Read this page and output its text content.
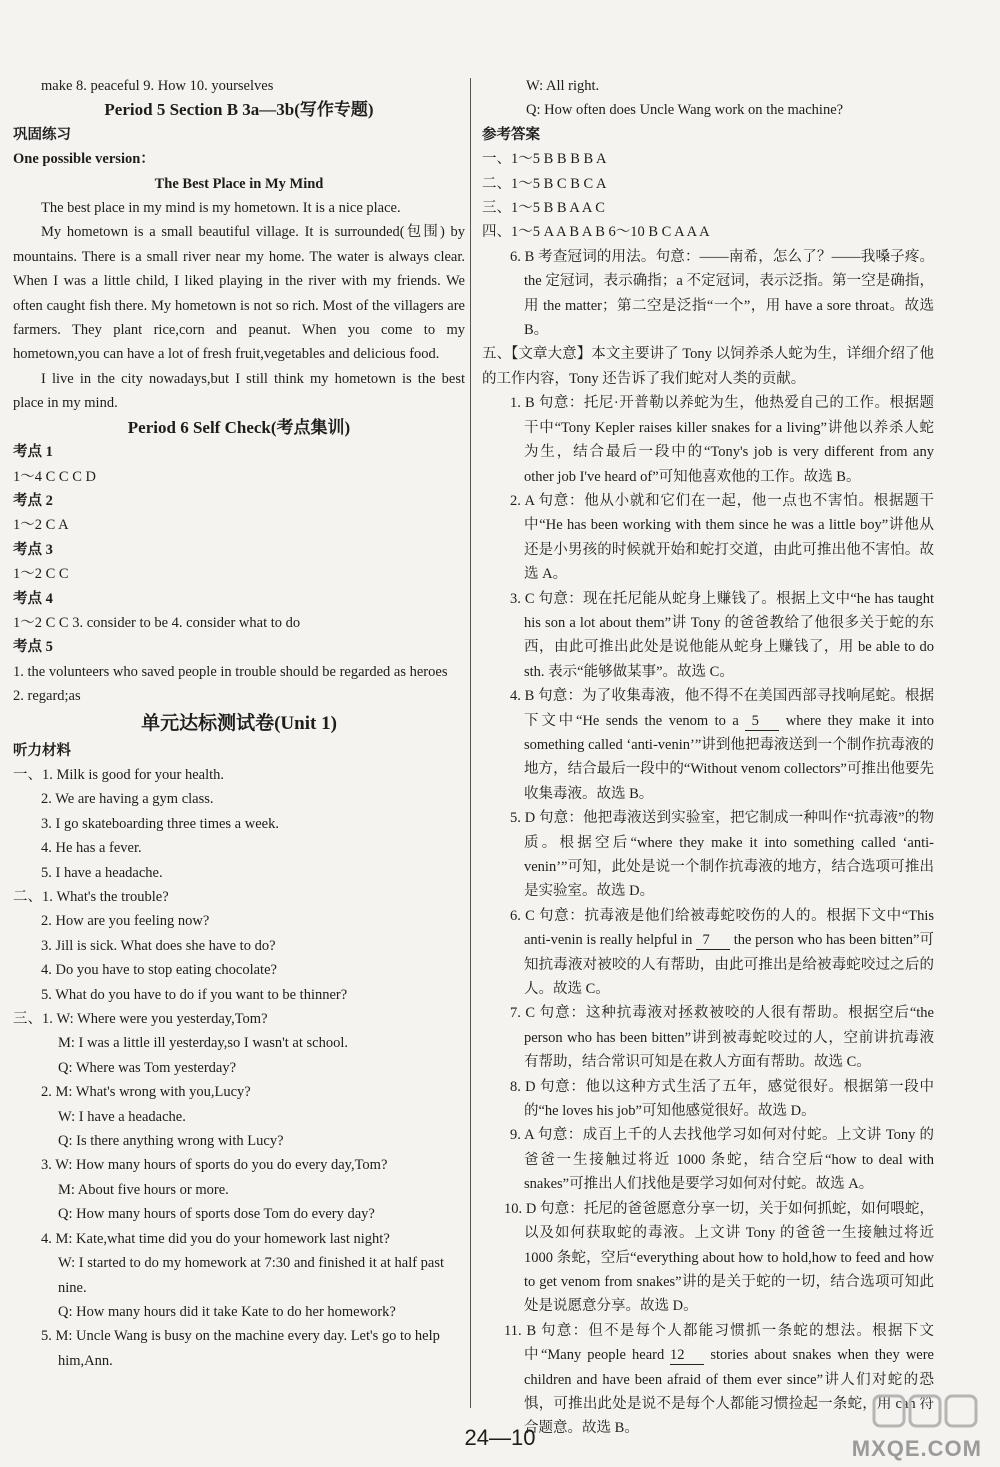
make 8. peaceful 9. How 10. yourselves
Period 5 Section B 3a—3b(写作专题)
巩固练习
One possible version：
The Best Place in My Mind
The best place in my mind is my hometown. It is a nice place.
My hometown is a small beautiful village. It is surrounded(包围) by mountains. There is a small river near my home. The water is always clear. When I was a little child, I liked playing in the river with my friends. We often caught fish there. My hometown is not so rich. Most of the villagers are farmers. They plant rice,corn and peanut. When you come to my hometown,you can have a lot of fresh fruit,vegetables and delicious food.
I live in the city nowadays,but I still think my hometown is the best place in my mind.
Period 6 Self Check(考点集训)
考点 1
1～4 C C C D
考点 2
1～2 C A
考点 3
1～2 C C
考点 4
1～2 C C 3. consider to be 4. consider what to do
考点 5
1. the volunteers who saved people in trouble should be regarded as heroes
2. regard;as
单元达标测试卷(Unit 1)
听力材料
一、1. Milk is good for your health.
2. We are having a gym class.
3. I go skateboarding three times a week.
4. He has a fever.
5. I have a headache.
二、1. What's the trouble?
2. How are you feeling now?
3. Jill is sick. What does she have to do?
4. Do you have to stop eating chocolate?
5. What do you have to do if you want to be thinner?
三、1. W: Where were you yesterday,Tom?
M: I was a little ill yesterday,so I wasn't at school.
Q: Where was Tom yesterday?
2. M: What's wrong with you,Lucy?
W: I have a headache.
Q: Is there anything wrong with Lucy?
3. W: How many hours of sports do you do every day,Tom?
M: About five hours or more.
Q: How many hours of sports dose Tom do every day?
4. M: Kate,what time did you do your homework last night?
W: I started to do my homework at 7:30 and finished it at half past
nine.
Q: How many hours did it take Kate to do her homework?
5. M: Uncle Wang is busy on the machine every day. Let's go to help
him,Ann.
W: All right.
Q: How often does Uncle Wang work on the machine?
参考答案
一、1～5 B B B B A
二、1～5 B C B C A
三、1～5 B B A A C
四、1～5 A A B A B 6～10 B C A A A
6. B 考查冠词的用法。句意：——南希，怎么了？——我嗓子疼。the 定冠词，表示确指；a 不定冠词，表示泛指。第一空是确指，用 the matter；第二空是泛指“一个”，用 have a sore throat。故选 B。
五、【文章大意】本文主要讲了 Tony 以饲养杀人蛇为生，详细介绍了他的工作内容，Tony 还告诉了我们蛇对人类的贡献。
1. B 句意：托尼·开普勒以养蛇为生，他热爱自己的工作。根据题干中“Tony Kepler raises killer snakes for a living”讲他以养杀人蛇为生，结合最后一段中的“Tony's job is very different from any other job I've heard of”可知他喜欢他的工作。故选 B。
2. A 句意：他从小就和它们在一起，他一点也不害怕。根据题干中“He has been working with them since he was a little boy”讲他从还是小男孩的时候就开始和蛇打交道，由此可推出他不害怕。故选 A。
3. C 句意：现在托尼能从蛇身上赚钱了。根据上文中“he has taught his son a lot about them”讲 Tony 的爸爸教给了他很多关于蛇的东西，由此可推出此处是说他能从蛇身上赚钱了，用 be able to do sth. 表示“能够做某事”。故选 C。
4. B 句意：为了收集毒液，他不得不在美国西部寻找响尾蛇。根据下文中“He sends the venom to a 5 where they make it into something called ‘anti-venin’”讲到他把毒液送到一个制作抗毒液的地方，结合最后一段中的“Without venom collectors”可推出他要先收集毒液。故选 B。
5. D 句意：他把毒液送到实验室，把它制成一种叫作“抗毒液”的物质。根据空后“where they make it into something called ‘anti-venin’”可知，此处是说一个制作抗毒液的地方，结合选项可推出是实验室。故选 D。
6. C 句意：抗毒液是他们给被毒蛇咬伤的人的。根据下文中“This anti-venin is really helpful in 7 the person who has been bitten”可知抗毒液对被咬的人有帮助，由此可推出是给被毒蛇咬过之后的人。故选 C。
7. C 句意：这种抗毒液对拯救被咬的人很有帮助。根据空后“the person who has been bitten”讲到被毒蛇咬过的人，空前讲抗毒液有帮助，结合常识可知是在救人方面有帮助。故选 C。
8. D 句意：他以这种方式生活了五年，感觉很好。根据第一段中的“he loves his job”可知他感觉很好。故选 D。
9. A 句意：成百上千的人去找他学习如何对付蛇。上文讲 Tony 的爸爸一生接触过将近 1000 条蛇，结合空后“how to deal with snakes”可推出人们找他是要学习如何对付蛇。故选 A。
10. D 句意：托尼的爸爸愿意分享一切，关于如何抓蛇，如何喂蛇，以及如何获取蛇的毒液。上文讲 Tony 的爸爸一生接触过将近 1000 条蛇，空后“everything about how to hold,how to feed and how to get venom from snakes”讲的是关于蛇的一切，结合选项可知此处是说愿意分享。故选 D。
11. B 句意：但不是每个人都能习惯抓一条蛇的想法。根据下文中“Many people heard 12 stories about snakes when they were children and have been afraid of them ever since”讲人们对蛇的恐惧，可推出此处是说不是每个人都能习惯捡起一条蛇，用 can 符合题意。故选 B。
24—10	MXQE.COM
